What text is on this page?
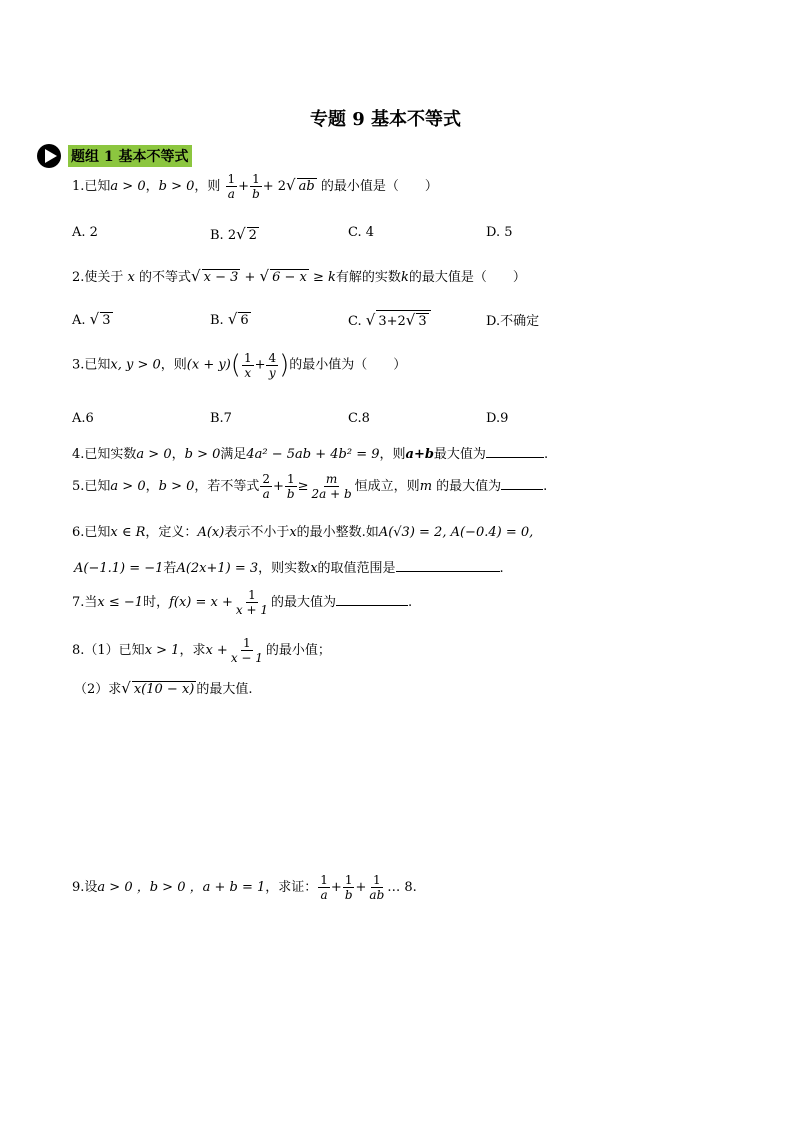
专题 9 基本不等式
题组 1 基本不等式
1.已知a > 0，b > 0，则 $\frac{1}{a} + \frac{1}{b} + 2√$ ab 的最小值是（　　）
A. 2	B. 2√ 2	C. 4	D. 5
2.使关于 x 的不等式√ x − 3 + √ 6 − x ≥ k有解的实数k的最大值是（　　）
A. √ 3	B. √ 6	C. √ 3+2√ 3	D.不确定
3.已知x, y > 0，则$(x + y)( \frac{1}{x} + \frac{4}{y}$ )的最小值为（　　）
A.6	B.7	C.8	D.9
4.已知实数a > 0，b > 0满足4a² − 5ab + 4b² = 9，则a+b最大值为	.
5.已知a > 0，b > 0，若不等式 $\frac{2}{a} + \frac{1}{b} \ge \frac{m}{2a + b}$ 恒成立，则m 的最大值为	.
6.已知x ∈ R，定义：A(x)表示不小于x的最小整数.如A(√3) = 2, A(−0.4) = 0,
A(−1.1) = −1若A(2x+1) = 3，则实数x的取值范围是	.
7.当x ≤ −1时，$f(x) = x + \frac{1}{x + 1}$ 的最大值为	.
8.（1）已知x > 1，求$x + \frac{1}{x - 1}$ 的最小值；
（2）求√ x(10 − x) 的最大值.
9.设a > 0 ，b > 0 ，a + b = 1，求证： $\frac{1}{a} + \frac{1}{b} + \frac{1}{ab}$ … 8.
